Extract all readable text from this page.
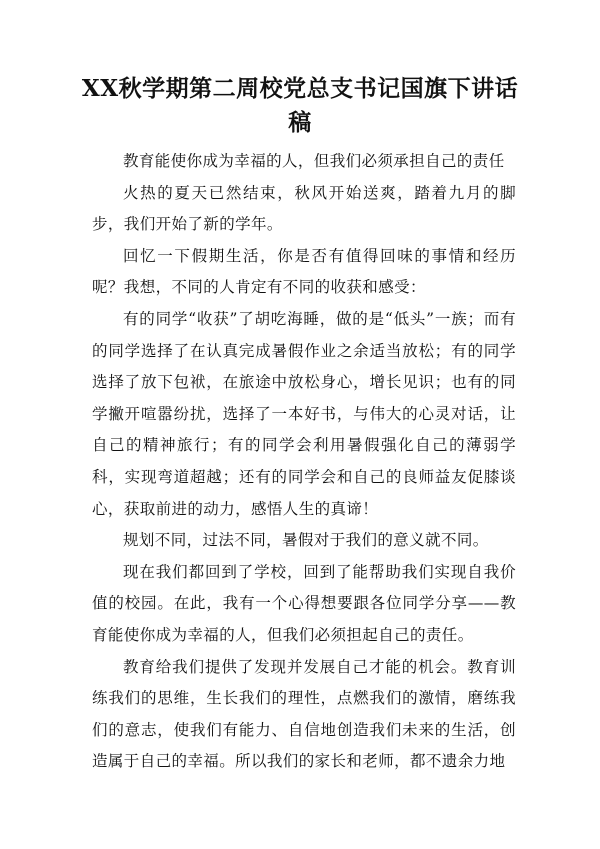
XX秋学期第二周校党总支书记国旗下讲话稿

教育能使你成为幸福的人，但我们必须承担自己的责任

火热的夏天已然结束，秋风开始送爽，踏着九月的脚步，我们开始了新的学年。

回忆一下假期生活，你是否有值得回味的事情和经历呢？我想，不同的人肯定有不同的收获和感受：

有的同学“收获”了胡吃海睡，做的是“低头”一族；而有的同学选择了在认真完成暑假作业之余适当放松；有的同学选择了放下包袱，在旅途中放松身心，增长见识；也有的同学撇开喧嚣纷扰，选择了一本好书，与伟大的心灵对话，让自己的精神旅行；有的同学会利用暑假强化自己的薄弱学科，实现弯道超越；还有的同学会和自己的良师益友促膝谈心，获取前进的动力，感悟人生的真谛！

规划不同，过法不同，暑假对于我们的意义就不同。

现在我们都回到了学校，回到了能帮助我们实现自我价值的校园。在此，我有一个心得想要跟各位同学分享——教育能使你成为幸福的人，但我们必须担起自己的责任。

教育给我们提供了发现并发展自己才能的机会。教育训练我们的思维，生长我们的理性，点燃我们的激情，磨练我们的意志，使我们有能力、自信地创造我们未来的生活，创造属于自己的幸福。所以我们的家长和老师，都不遗余力地
